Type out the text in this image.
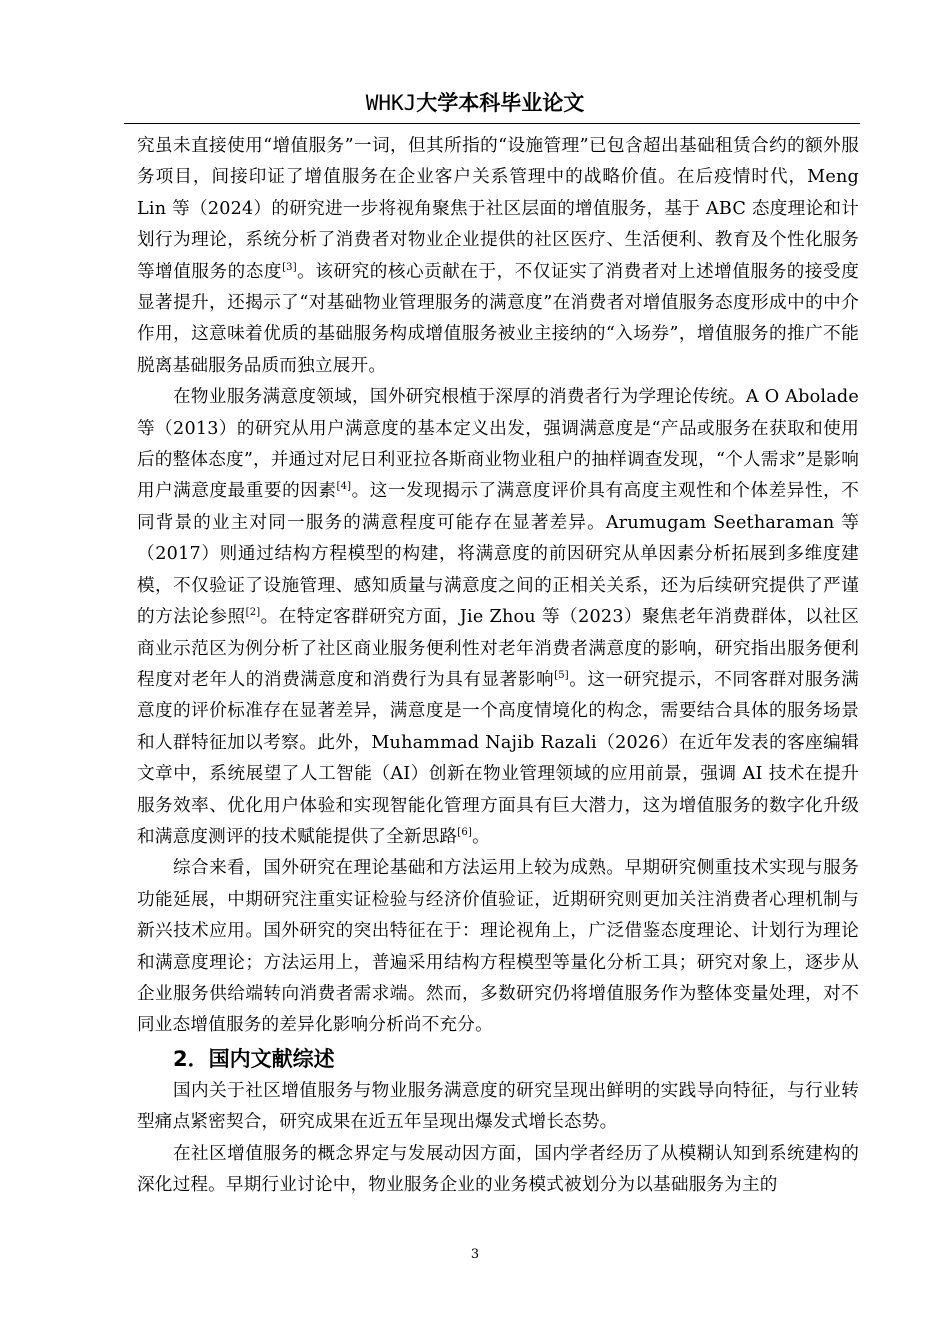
WHKJ大学本科毕业论文

究虽未直接使用“增值服务”一词，但其所指的“设施管理”已包含超出基础租赁合约的额外服务项目，间接印证了增值服务在企业客户关系管理中的战略价值。在后疫情时代，Meng Lin 等（2024）的研究进一步将视角聚焦于社区层面的增值服务，基于 ABC 态度理论和计划行为理论，系统分析了消费者对物业企业提供的社区医疗、生活便利、教育及个性化服务等增值服务的态度[3]。该研究的核心贡献在于，不仅证实了消费者对上述增值服务的接受度显著提升，还揭示了“对基础物业管理服务的满意度”在消费者对增值服务态度形成中的中介作用，这意味着优质的基础服务构成增值服务被业主接纳的“入场券”，增值服务的推广不能脱离基础服务品质而独立展开。

在物业服务满意度领域，国外研究根植于深厚的消费者行为学理论传统。A O Abolade 等（2013）的研究从用户满意度的基本定义出发，强调满意度是“产品或服务在获取和使用后的整体态度”，并通过对尼日利亚拉各斯商业物业租户的抽样调查发现，“个人需求”是影响用户满意度最重要的因素[4]。这一发现揭示了满意度评价具有高度主观性和个体差异性，不同背景的业主对同一服务的满意程度可能存在显著差异。Arumugam Seetharaman 等（2017）则通过结构方程模型的构建，将满意度的前因研究从单因素分析拓展到多维度建模，不仅验证了设施管理、感知质量与满意度之间的正相关关系，还为后续研究提供了严谨的方法论参照[2]。在特定客群研究方面，Jie Zhou 等（2023）聚焦老年消费群体，以社区商业示范区为例分析了社区商业服务便利性对老年消费者满意度的影响，研究指出服务便利程度对老年人的消费满意度和消费行为具有显著影响[5]。这一研究提示，不同客群对服务满意度的评价标准存在显著差异，满意度是一个高度情境化的构念，需要结合具体的服务场景和人群特征加以考察。此外，Muhammad Najib Razali（2026）在近年发表的客座编辑文章中，系统展望了人工智能（AI）创新在物业管理领域的应用前景，强调 AI 技术在提升服务效率、优化用户体验和实现智能化管理方面具有巨大潜力，这为增值服务的数字化升级和满意度测评的技术赋能提供了全新思路[6]。

综合来看，国外研究在理论基础和方法运用上较为成熟。早期研究侧重技术实现与服务功能延展，中期研究注重实证检验与经济价值验证，近期研究则更加关注消费者心理机制与新兴技术应用。国外研究的突出特征在于：理论视角上，广泛借鉴态度理论、计划行为理论和满意度理论；方法运用上，普遍采用结构方程模型等量化分析工具；研究对象上，逐步从企业服务供给端转向消费者需求端。然而，多数研究仍将增值服务作为整体变量处理，对不同业态增值服务的差异化影响分析尚不充分。

2．国内文献综述

国内关于社区增值服务与物业服务满意度的研究呈现出鲜明的实践导向特征，与行业转型痛点紧密契合，研究成果在近五年呈现出爆发式增长态势。

在社区增值服务的概念界定与发展动因方面，国内学者经历了从模糊认知到系统建构的深化过程。早期行业讨论中，物业服务企业的业务模式被划分为以基础服务为主的

3
